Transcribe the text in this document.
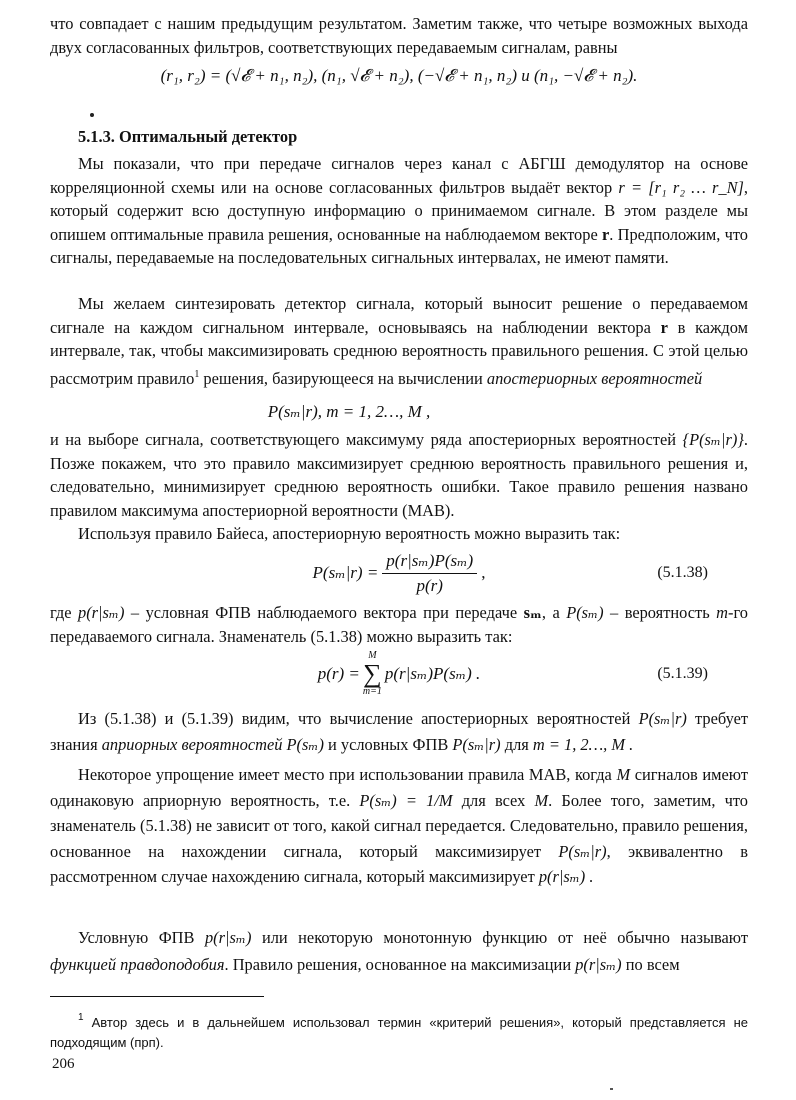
что совпадает с нашим предыдущим результатом. Заметим также, что четыре возможных выхода двух согласованных фильтров, соответствующих передаваемым сигналам, равны

(r₁, r₂) = (√𝓔 + n₁, n₂), (n₁, √𝓔 + n₂), (−√𝓔 + n₁, n₂) и (n₁, −√𝓔 + n₂).
5.1.3. Оптимальный детектор

Мы показали, что при передаче сигналов через канал с АБГШ демодулятор на основе корреляционной схемы или на основе согласованных фильтров выдаёт вектор r = [r₁ r₂ … r_N], который содержит всю доступную информацию о принимаемом сигнале. В этом разделе мы опишем оптимальные правила решения, основанные на наблюдаемом векторе r. Предположим, что сигналы, передаваемые на последовательных сигнальных интервалах, не имеют памяти.

Мы желаем синтезировать детектор сигнала, который выносит решение о передаваемом сигнале на каждом сигнальном интервале, основываясь на наблюдении вектора r в каждом интервале, так, чтобы максимизировать среднюю вероятность правильного решения. С этой целью рассмотрим правило$^1$ решения, базирующееся на вычислении апостериорных вероятностей

P(sₘ|r), m = 1, 2…, M ,

и на выборе сигнала, соответствующего максимуму ряда апостериорных вероятностей {P(sₘ|r)}. Позже покажем, что это правило максимизирует среднюю вероятность правильного решения и, следовательно, минимизирует среднюю вероятность ошибки. Такое правило решения названо правилом максимума апостериорной вероятности (МАВ).

Используя правило Байеса, апостериорную вероятность можно выразить так:

$P(s_m|r) = \frac{\text{p(r|sₘ)P(sₘ)}}{p(r)}$ ,	(5.1.38)

где p(r|sₘ) – условная ФПВ наблюдаемого вектора при передаче sₘ, а P(sₘ) – вероятность m-го передаваемого сигнала. Знаменатель (5.1.38) можно выразить так:

p(r) =
M
∑
m=1
p(r|sₘ)P(sₘ) .	(5.1.39)

Из (5.1.38) и (5.1.39) видим, что вычисление апостериорных вероятностей P(sₘ|r) требует знания априорных вероятностей P(sₘ) и условных ФПВ P(sₘ|r) для m = 1, 2…, M .

Некоторое упрощение имеет место при использовании правила МАВ, когда M сигналов имеют одинаковую априорную вероятность, т.е. P(sₘ) = 1/M для всех M. Более того, заметим, что знаменатель (5.1.38) не зависит от того, какой сигнал передается. Следовательно, правило решения, основанное на нахождении сигнала, который максимизирует P(sₘ|r), эквивалентно в рассмотренном случае нахождению сигнала, который максимизирует p(r|sₘ) .

Условную ФПВ p(r|sₘ) или некоторую монотонную функцию от неё обычно называют функцией правдоподобия. Правило решения, основанное на максимизации p(r|sₘ) по всем

$^1$ Автор здесь и в дальнейшем использовал термин «критерий решения», который представляется не подходящим (прп).

206
